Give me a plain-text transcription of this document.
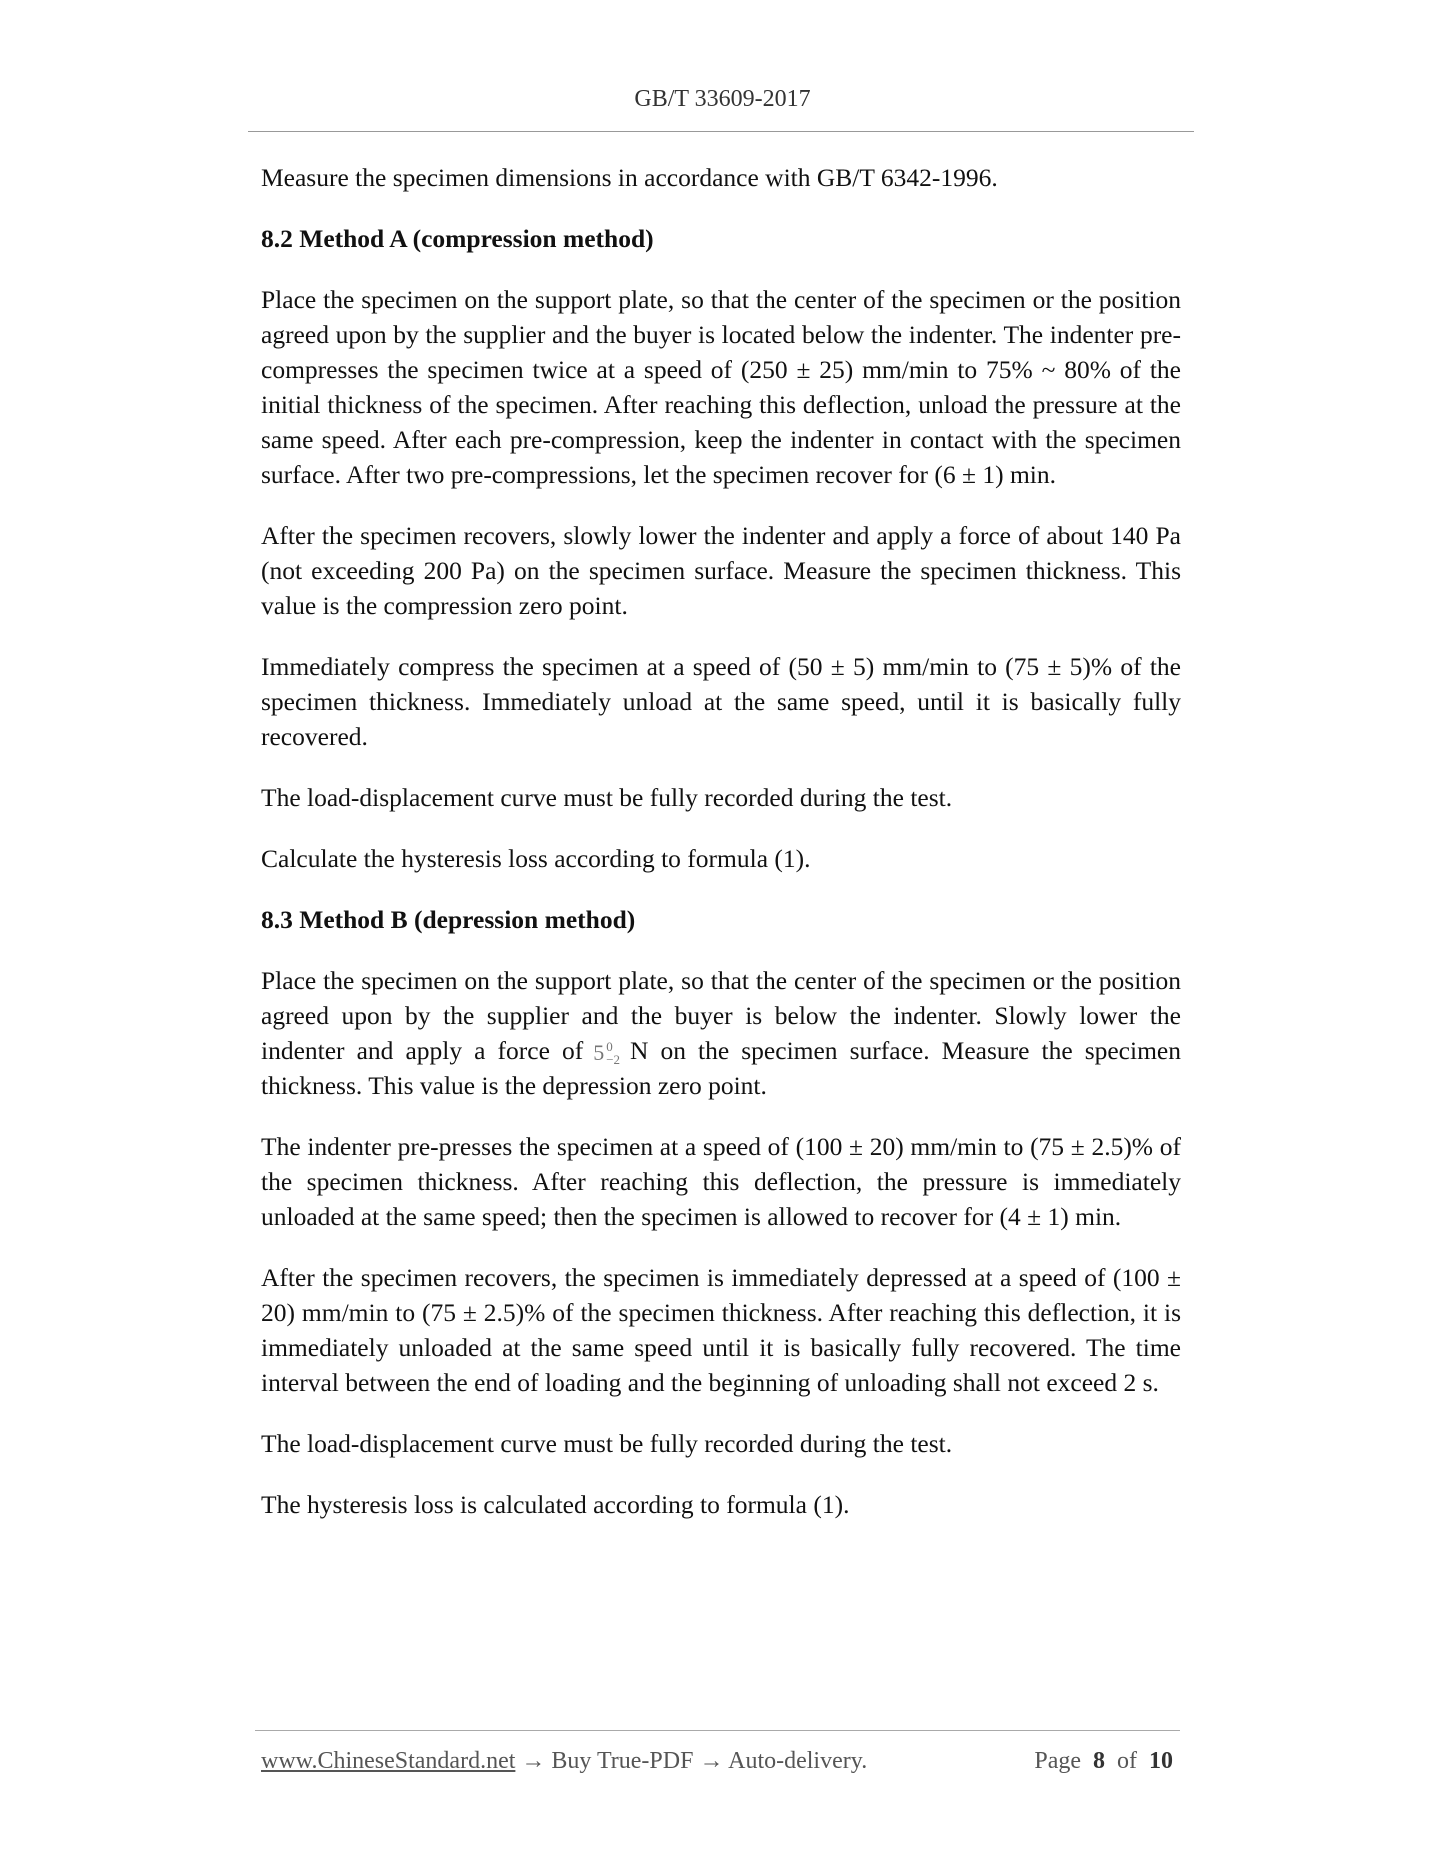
GB/T 33609-2017

Measure the specimen dimensions in accordance with GB/T 6342-1996.

8.2 Method A (compression method)

Place the specimen on the support plate, so that the center of the specimen or the position agreed upon by the supplier and the buyer is located below the indenter. The indenter pre-compresses the specimen twice at a speed of (250 ± 25) mm/min to 75% ~ 80% of the initial thickness of the specimen. After reaching this deflection, unload the pressure at the same speed. After each pre-compression, keep the indenter in contact with the specimen surface. After two pre-compressions, let the specimen recover for (6 ± 1) min.

After the specimen recovers, slowly lower the indenter and apply a force of about 140 Pa (not exceeding 200 Pa) on the specimen surface. Measure the specimen thickness. This value is the compression zero point.

Immediately compress the specimen at a speed of (50 ± 5) mm/min to (75 ± 5)% of the specimen thickness. Immediately unload at the same speed, until it is basically fully recovered.

The load-displacement curve must be fully recorded during the test.

Calculate the hysteresis loss according to formula (1).

8.3 Method B (depression method)

Place the specimen on the support plate, so that the center of the specimen or the position agreed upon by the supplier and the buyer is below the indenter. Slowly lower the indenter and apply a force of 5 0
−2 N on the specimen surface. Measure the specimen thickness. This value is the depression zero point.

The indenter pre-presses the specimen at a speed of (100 ± 20) mm/min to (75 ± 2.5)% of the specimen thickness. After reaching this deflection, the pressure is immediately unloaded at the same speed; then the specimen is allowed to recover for (4 ± 1) min.

After the specimen recovers, the specimen is immediately depressed at a speed of (100 ± 20) mm/min to (75 ± 2.5)% of the specimen thickness. After reaching this deflection, it is immediately unloaded at the same speed until it is basically fully recovered. The time interval between the end of loading and the beginning of unloading shall not exceed 2 s.

The load-displacement curve must be fully recorded during the test.

The hysteresis loss is calculated according to formula (1).

www.ChineseStandard.net → Buy True-PDF → Auto-delivery.	Page 8 of 10
